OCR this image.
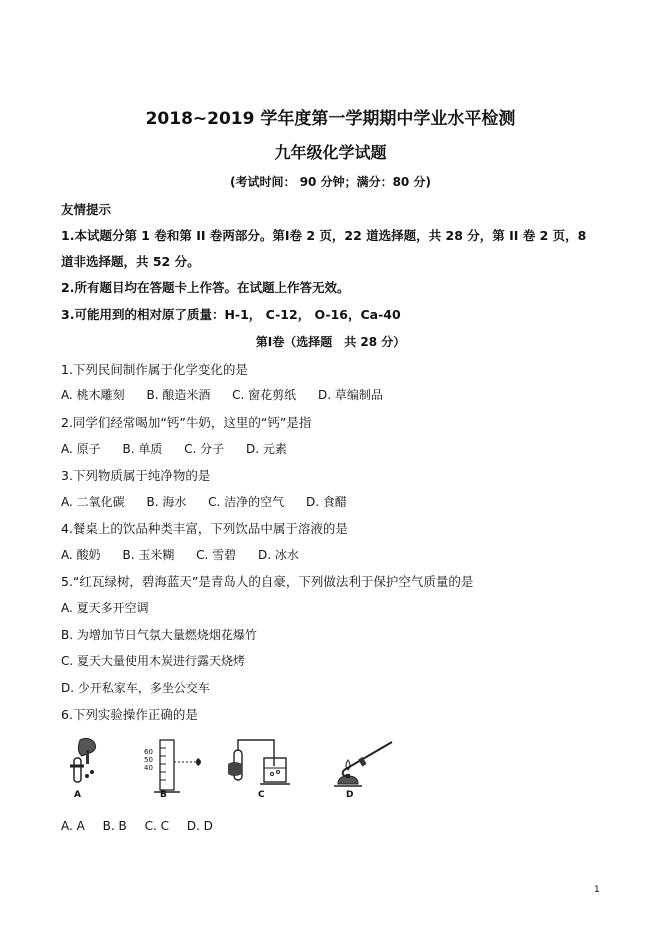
2018~2019 学年度第一学期期中学业水平检测
九年级化学试题
(考试时间： 90 分钟；满分：80 分)
友情提示
1.本试题分第 1 卷和第 II 卷两部分。第Ⅰ卷 2 页，22 道选择题，共 28 分，第 II 卷 2 页，8
道非选择题，共 52 分。
2.所有题目均在答题卡上作答。在试题上作答无效。
3.可能用到的相对原了质量：H-1， C-12， O-16，Ca-40
第Ⅰ卷（选择题　共 28 分）
1.下列民间制作属于化学变化的是
A. 桃木雕刻 B. 酿造米酒 C. 窗花剪纸 D. 草编制品
2.同学们经常喝加“钙”牛奶，这里的“钙”是指
A. 原子 B. 单质 C. 分子 D. 元素
3.下列物质属于纯净物的是
A. 二氧化碳 B. 海水 C. 洁净的空气 D. 食醋
4.餐桌上的饮品种类丰富，下列饮品中属于溶液的是
A. 酸奶 B. 玉米糊 C. 雪碧 D. 冰水
5.“红瓦绿树，碧海蓝天”是青岛人的自豪，下列做法利于保护空气质量的是
A. 夏天多开空调
B. 为增加节日气氛大量燃烧烟花爆竹
C. 夏天大量使用木炭进行露天烧烤
D. 少开私家车，多坐公交车
6.下列实验操作正确的是
A
60
50
40
B	C	D
A. A B. B C. C D. D
1
